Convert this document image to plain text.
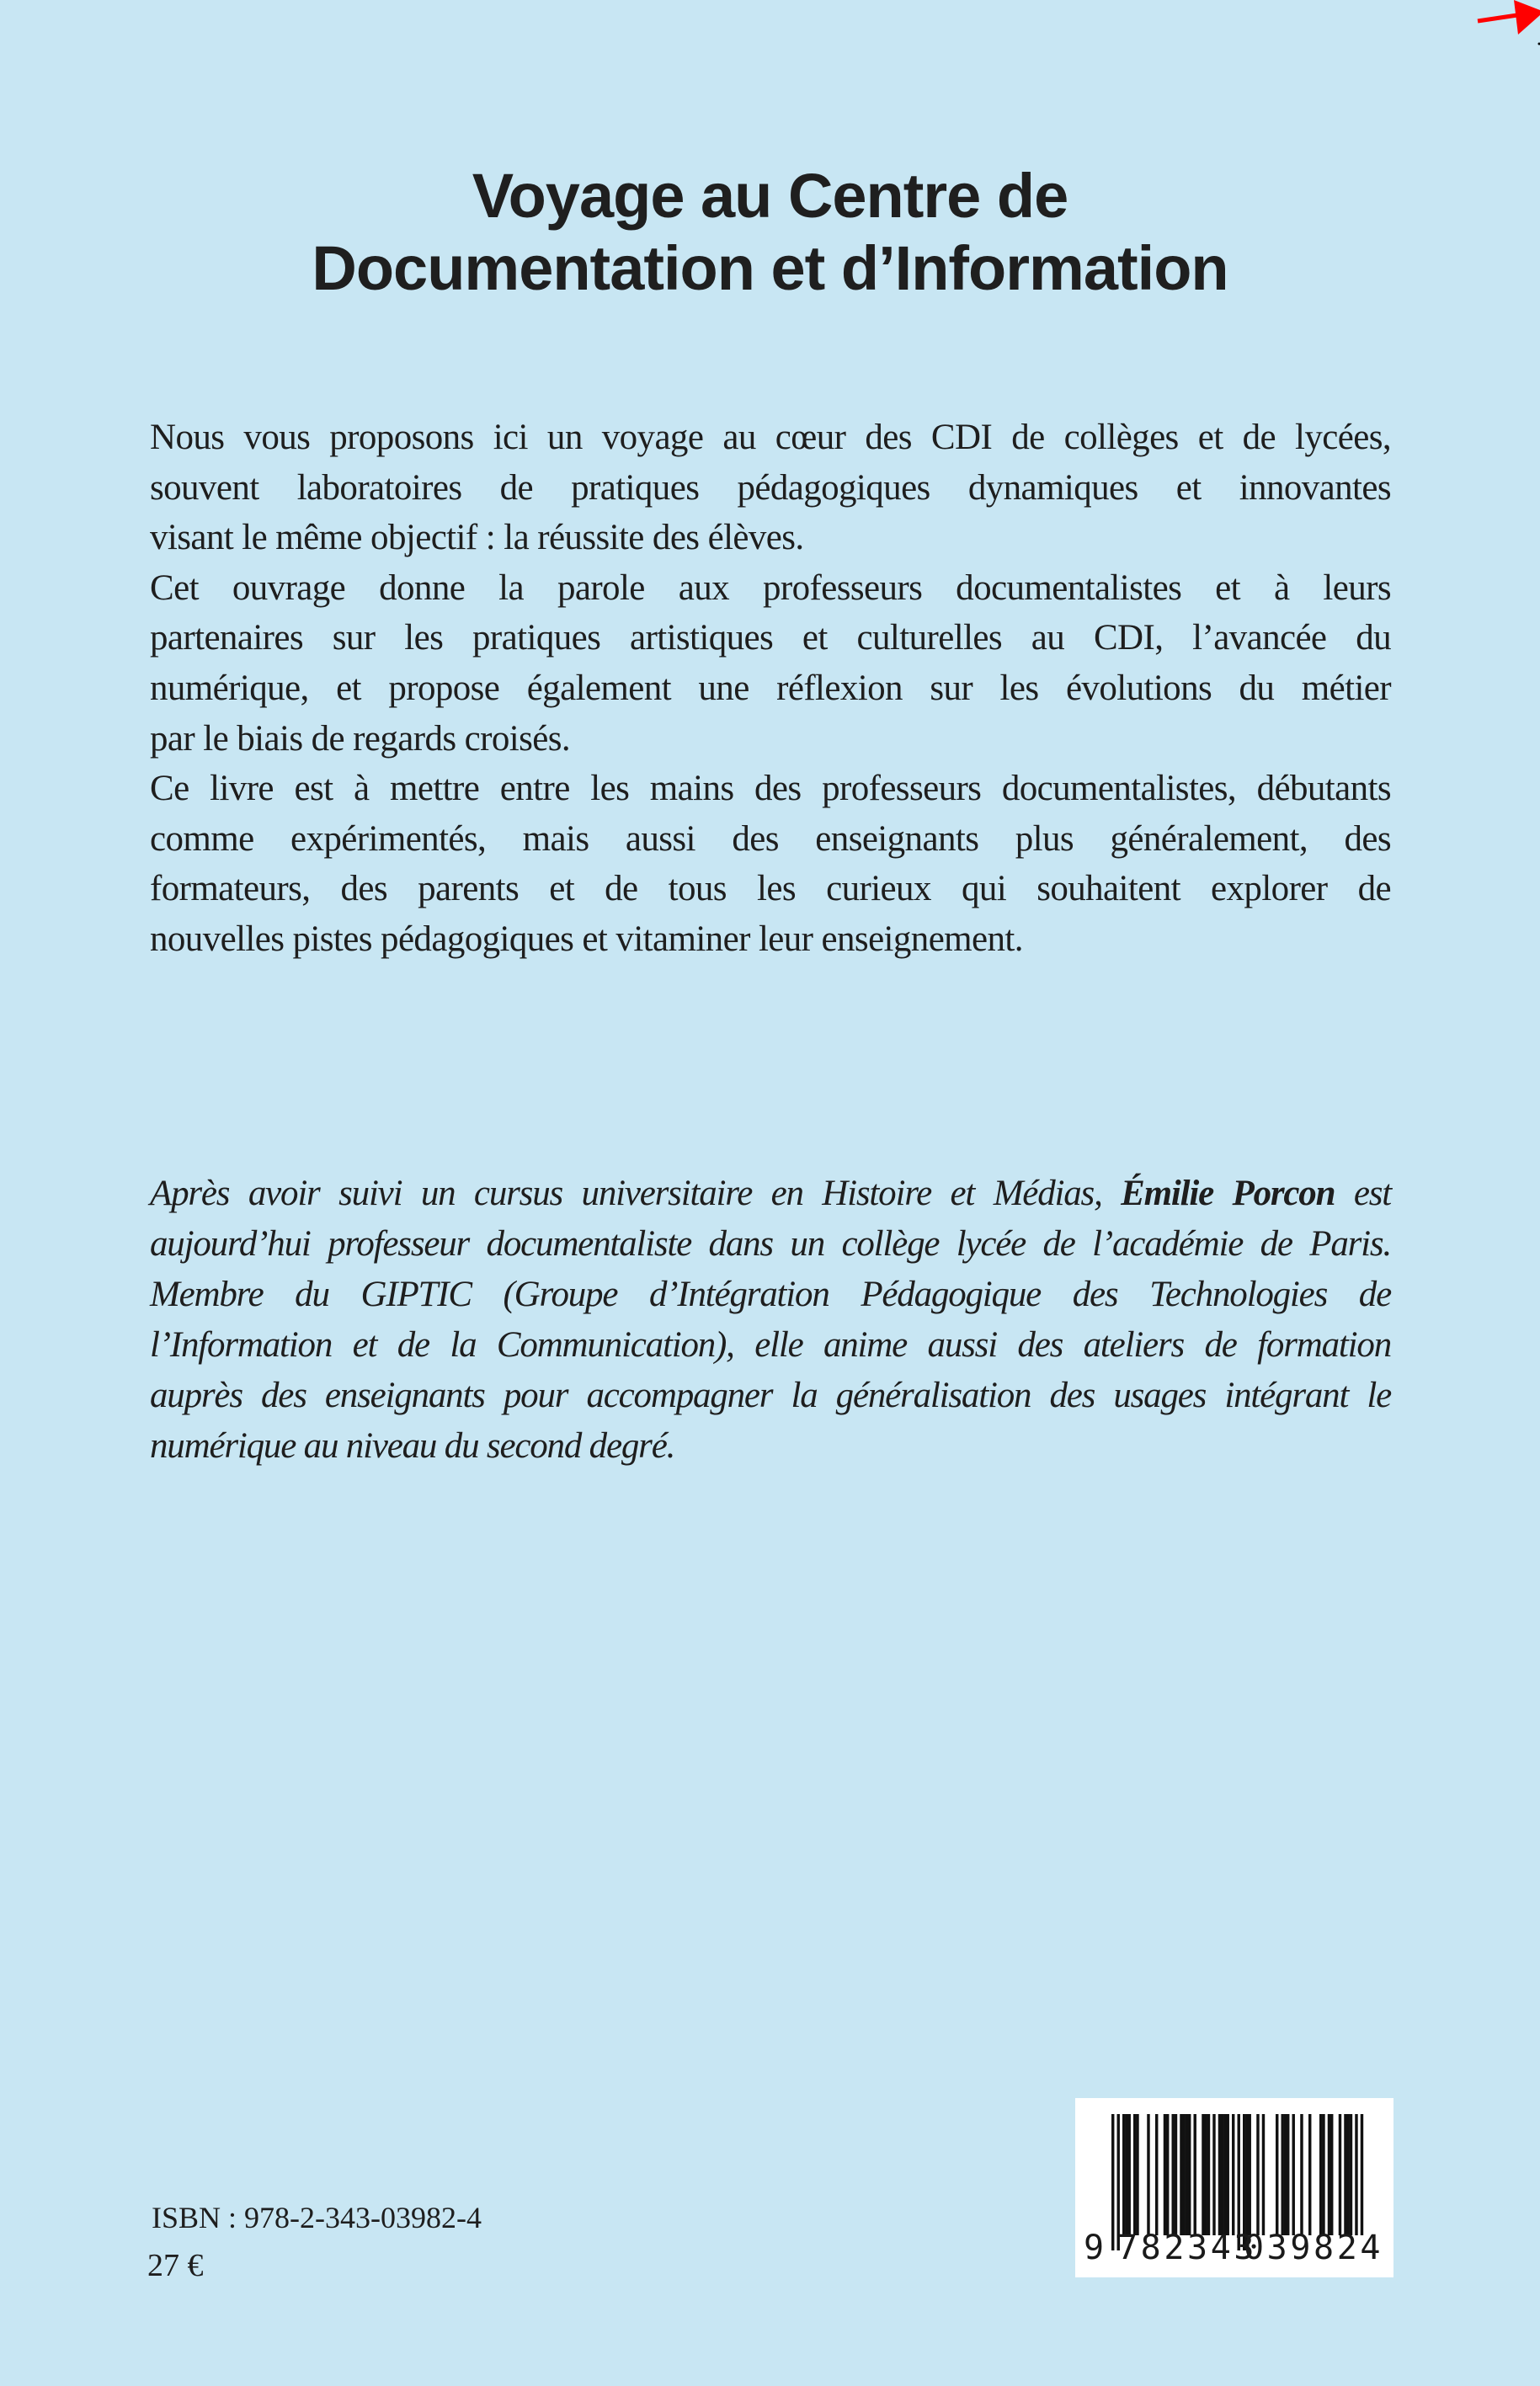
Voyage au Centre de
Documentation et d’Information
Nous vous proposons ici un voyage au cœur des CDI de collèges et de lycées,
souvent laboratoires de pratiques pédagogiques dynamiques et innovantes
visant le même objectif : la réussite des élèves.
Cet ouvrage donne la parole aux professeurs documentalistes et à leurs
partenaires sur les pratiques artistiques et culturelles au CDI, l’avancée du
numérique, et propose également une réflexion sur les évolutions du métier
par le biais de regards croisés.
Ce livre est à mettre entre les mains des professeurs documentalistes, débutants
comme expérimentés, mais aussi des enseignants plus généralement, des
formateurs, des parents et de tous les curieux qui souhaitent explorer de
nouvelles pistes pédagogiques et vitaminer leur enseignement.
Après avoir suivi un cursus universitaire en Histoire et Médias, Émilie Porcon est
aujourd’hui professeur documentaliste dans un collège lycée de l’académie de Paris.
Membre du GIPTIC (Groupe d’Intégration Pédagogique des Technologies de
l’Information et de la Communication), elle anime aussi des ateliers de formation
auprès des enseignants pour accompagner la généralisation des usages intégrant le
numérique au niveau du second degré.
ISBN : 978-2-343-03982-4
27 €	9 782343
039824
